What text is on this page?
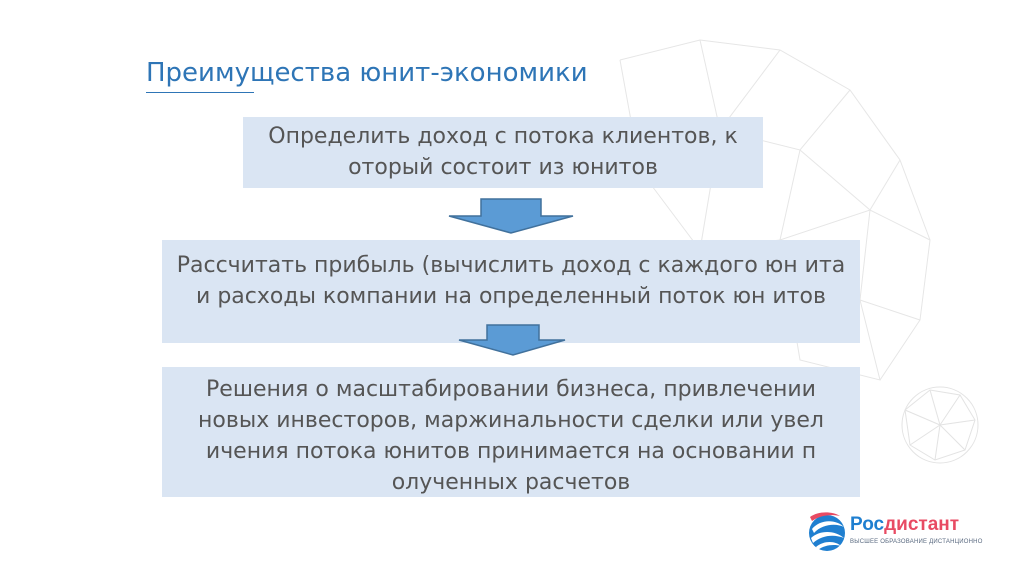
Преимущества юнит-экономики
Определить доход с потока клиентов, к оторый состоит из юнитов
Рассчитать прибыль (вычислить доход с каждого юн ита и расходы компании на определенный поток юн итов
Решения о масштабировании бизнеса, привлечении новых инвесторов, маржинальности сделки или увел ичения потока юнитов принимается на основании п олученных расчетов
Росдистант
ВЫСШЕЕ ОБРАЗОВАНИЕ ДИСТАНЦИОННО
